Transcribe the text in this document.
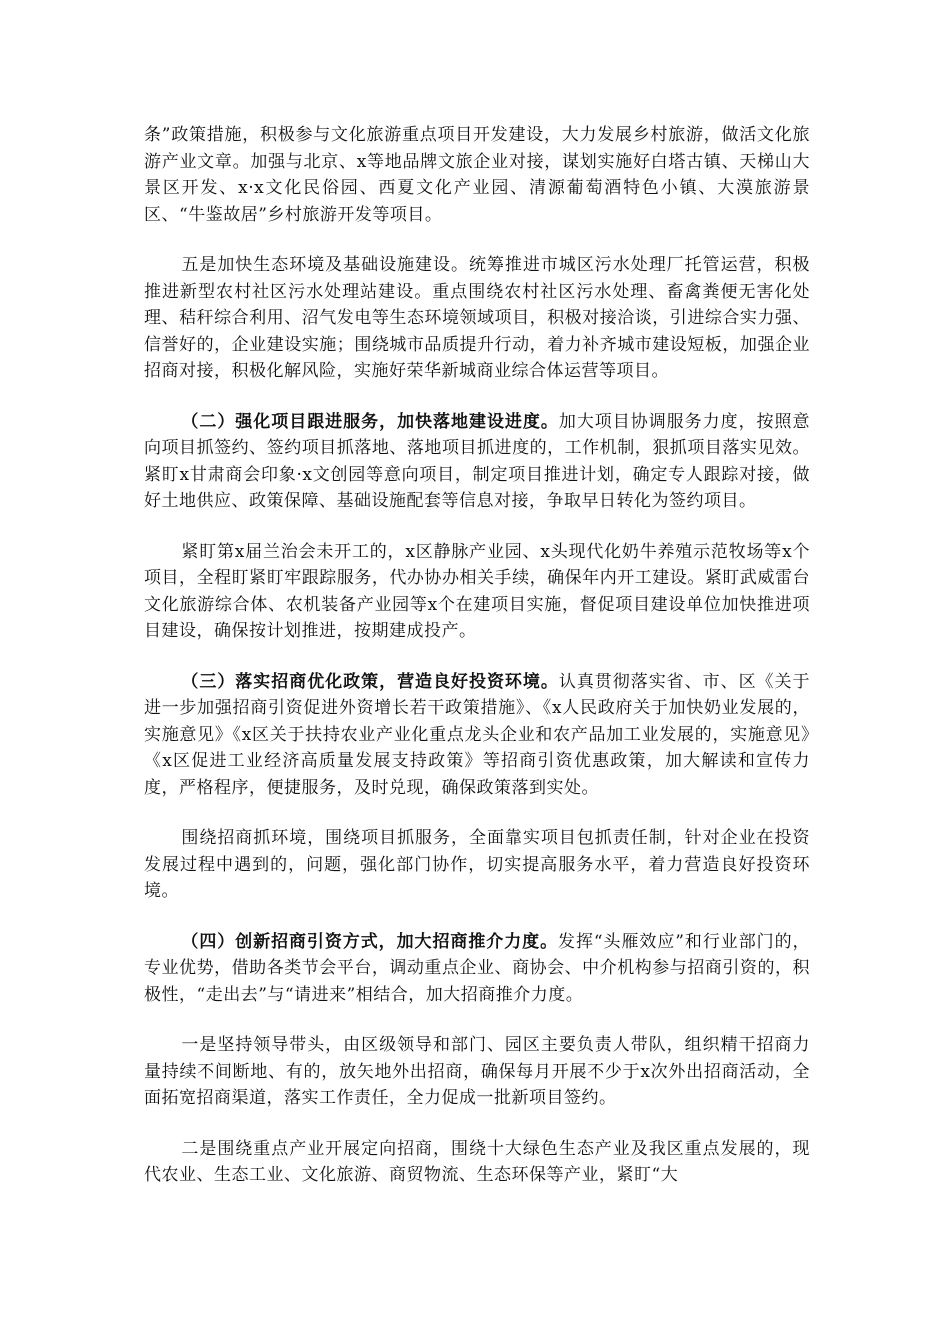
条”政策措施，积极参与文化旅游重点项目开发建设，大力发展乡村旅游，做活文化旅游产业文章。加强与北京、x等地品牌文旅企业对接，谋划实施好白塔古镇、天梯山大景区开发、x·x文化民俗园、西夏文化产业园、清源葡萄酒特色小镇、大漠旅游景区、“牛鉴故居”乡村旅游开发等项目。

五是加快生态环境及基础设施建设。统筹推进市城区污水处理厂托管运营，积极推进新型农村社区污水处理站建设。重点围绕农村社区污水处理、畜禽粪便无害化处理、秸秆综合利用、沼气发电等生态环境领域项目，积极对接洽谈，引进综合实力强、信誉好的，企业建设实施；围绕城市品质提升行动，着力补齐城市建设短板，加强企业招商对接，积极化解风险，实施好荣华新城商业综合体运营等项目。

（二）强化项目跟进服务，加快落地建设进度。加大项目协调服务力度，按照意向项目抓签约、签约项目抓落地、落地项目抓进度的，工作机制，狠抓项目落实见效。紧盯x甘肃商会印象·x文创园等意向项目，制定项目推进计划，确定专人跟踪对接，做好土地供应、政策保障、基础设施配套等信息对接，争取早日转化为签约项目。

紧盯第x届兰治会未开工的，x区静脉产业园、x头现代化奶牛养殖示范牧场等x个项目，全程盯紧盯牢跟踪服务，代办协办相关手续，确保年内开工建设。紧盯武威雷台文化旅游综合体、农机装备产业园等x个在建项目实施，督促项目建设单位加快推进项目建设，确保按计划推进，按期建成投产。

（三）落实招商优化政策，营造良好投资环境。认真贯彻落实省、市、区《关于进一步加强招商引资促进外资增长若干政策措施》、《x人民政府关于加快奶业发展的，实施意见》《x区关于扶持农业产业化重点龙头企业和农产品加工业发展的，实施意见》《x区促进工业经济高质量发展支持政策》等招商引资优惠政策，加大解读和宣传力度，严格程序，便捷服务，及时兑现，确保政策落到实处。

围绕招商抓环境，围绕项目抓服务，全面靠实项目包抓责任制，针对企业在投资发展过程中遇到的，问题，强化部门协作，切实提高服务水平，着力营造良好投资环境。

（四）创新招商引资方式，加大招商推介力度。发挥“头雁效应”和行业部门的，专业优势，借助各类节会平台，调动重点企业、商协会、中介机构参与招商引资的，积极性，“走出去”与“请进来”相结合，加大招商推介力度。

一是坚持领导带头，由区级领导和部门、园区主要负责人带队，组织精干招商力量持续不间断地、有的，放矢地外出招商，确保每月开展不少于x次外出招商活动，全面拓宽招商渠道，落实工作责任，全力促成一批新项目签约。

二是围绕重点产业开展定向招商，围绕十大绿色生态产业及我区重点发展的，现代农业、生态工业、文化旅游、商贸物流、生态环保等产业，紧盯“大
